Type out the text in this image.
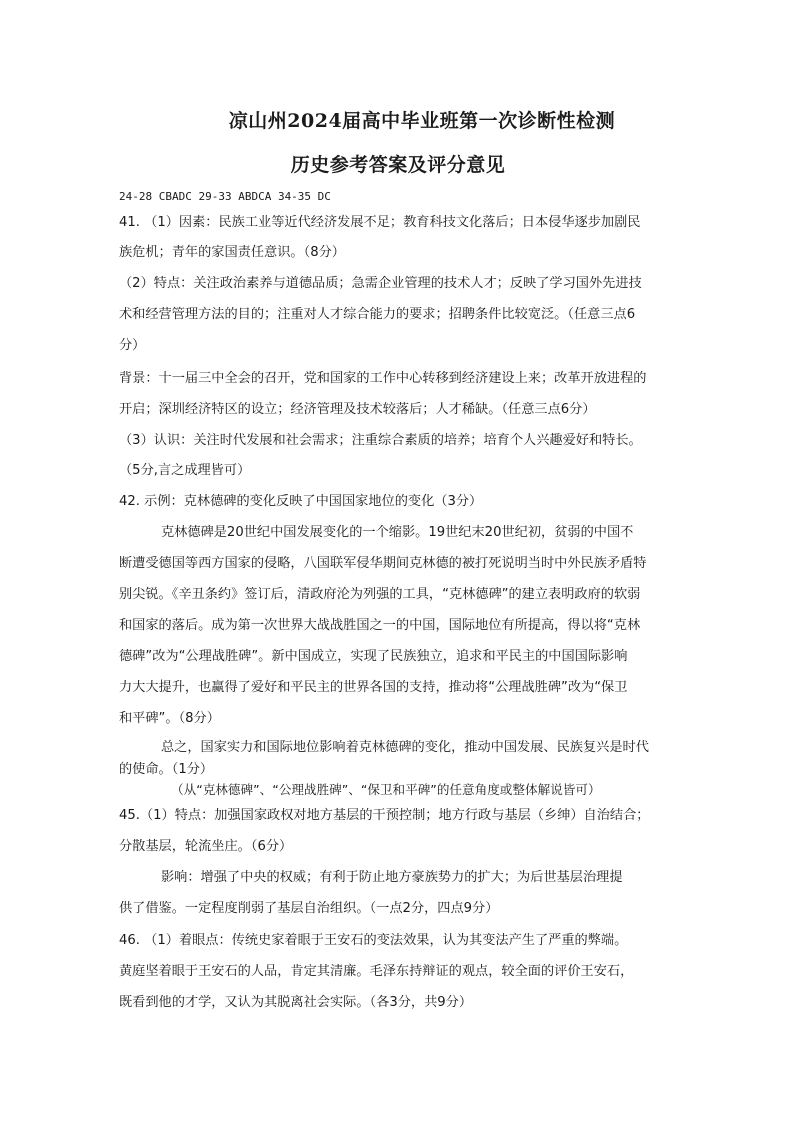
凉山州2024届高中毕业班第一次诊断性检测
历史参考答案及评分意见
24-28 CBADC 29-33 ABDCA 34-35 DC
41. （1）因素：民族工业等近代经济发展不足；教育科技文化落后；日本侵华逐步加剧民
族危机；青年的家国责任意识。（8分）
（2）特点：关注政治素养与道德品质；急需企业管理的技术人才；反映了学习国外先进技
术和经营管理方法的目的；注重对人才综合能力的要求；招聘条件比较宽泛。（任意三点6
分）
背景：十一届三中全会的召开，党和国家的工作中心转移到经济建设上来；改革开放进程的
开启；深圳经济特区的设立；经济管理及技术较落后；人才稀缺。（任意三点6分）
（3）认识：关注时代发展和社会需求；注重综合素质的培养；培育个人兴趣爱好和特长。
（5分,言之成理皆可）
42. 示例：克林德碑的变化反映了中国国家地位的变化（3分）
克林德碑是20世纪中国发展变化的一个缩影。19世纪末20世纪初，贫弱的中国不
断遭受德国等西方国家的侵略，八国联军侵华期间克林德的被打死说明当时中外民族矛盾特
别尖锐。《辛丑条约》签订后，清政府沦为列强的工具，“克林德碑”的建立表明政府的软弱
和国家的落后。成为第一次世界大战战胜国之一的中国，国际地位有所提高，得以将“克林
德碑”改为“公理战胜碑”。新中国成立，实现了民族独立，追求和平民主的中国国际影响
力大大提升，也赢得了爱好和平民主的世界各国的支持，推动将“公理战胜碑”改为“保卫
和平碑”。（8分）
总之，国家实力和国际地位影响着克林德碑的变化，推动中国发展、民族复兴是时代
的使命。（1分）
（从“克林德碑”、“公理战胜碑”、“保卫和平碑”的任意角度或整体解说皆可）
45.（1）特点：加强国家政权对地方基层的干预控制；地方行政与基层（乡绅）自治结合；
分散基层，轮流坐庄。（6分）
影响：增强了中央的权威；有利于防止地方豪族势力的扩大；为后世基层治理提
供了借鉴。一定程度削弱了基层自治组织。（一点2分，四点9分）
46. （1）着眼点：传统史家着眼于王安石的变法效果，认为其变法产生了严重的弊端。
黄庭坚着眼于王安石的人品，肯定其清廉。毛泽东持辩证的观点，较全面的评价王安石，
既看到他的才学，又认为其脱离社会实际。（各3分，共9分）
